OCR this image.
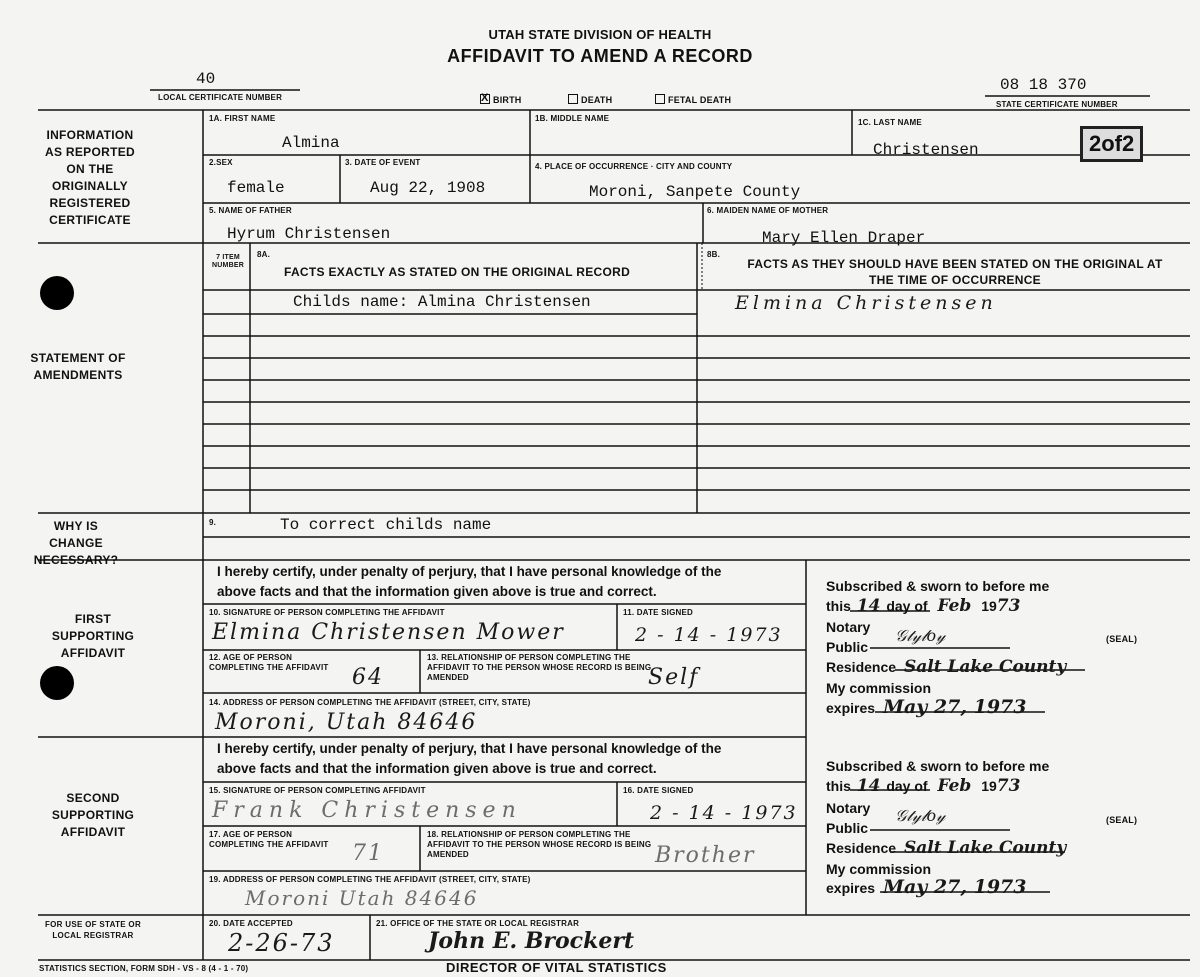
UTAH STATE DIVISION OF HEALTH
AFFIDAVIT TO AMEND A RECORD
40
LOCAL CERTIFICATE NUMBER
X	BIRTH	DEATH	FETAL DEATH
08 18 370
STATE CERTIFICATE NUMBER
2of2
INFORMATION AS REPORTED ON THE ORIGINALLY REGISTERED CERTIFICATE
STATEMENT OF AMENDMENTS
WHY IS CHANGE NECESSARY?
FIRST SUPPORTING AFFIDAVIT
SECOND SUPPORTING AFFIDAVIT
FOR USE OF STATE OR LOCAL REGISTRAR
1A. FIRST NAME
Almina
1B. MIDDLE NAME	1C. LAST NAME
Christensen
2.SEX
female
3. DATE OF EVENT
Aug 22, 1908
4. PLACE OF OCCURRENCE · CITY AND COUNTY
Moroni, Sanpete County
5. NAME OF FATHER
Hyrum Christensen
6. MAIDEN NAME OF MOTHER
Mary Ellen Draper
7 ITEM NUMBER
8A.
FACTS EXACTLY AS STATED ON THE ORIGINAL RECORD
8B.
FACTS AS THEY SHOULD HAVE BEEN STATED ON THE ORIGINAL AT THE TIME OF OCCURRENCE
Childs name: Almina Christensen	Elmina Christensen
9.	To correct childs name
I hereby certify, under penalty of perjury, that I have personal knowledge of the above facts and that the information given above is true and correct.
10. SIGNATURE OF PERSON COMPLETING THE AFFIDAVIT
Elmina Christensen Mower
11. DATE SIGNED
2 - 14 - 1973
12. AGE OF PERSON COMPLETING THE AFFIDAVIT	64
13. RELATIONSHIP OF PERSON COMPLETING THE AFFIDAVIT TO THE PERSON WHOSE RECORD IS BEING AMENDED	Self
14. ADDRESS OF PERSON COMPLETING THE AFFIDAVIT (STREET, CITY, STATE)
Moroni, Utah 84646
Subscribed & sworn to before me
this 14 day of Feb 1973
Notary Public	(SEAL)
𝒢𝓉𝓎𝓁𝑜𝓎
Residence Salt Lake County
My commission
expires May 27, 1973
I hereby certify, under penalty of perjury, that I have personal knowledge of the above facts and that the information given above is true and correct.
15. SIGNATURE OF PERSON COMPLETING AFFIDAVIT
Frank Christensen
16. DATE SIGNED
2 - 14 - 1973
17. AGE OF PERSON COMPLETING THE AFFIDAVIT	71
18. RELATIONSHIP OF PERSON COMPLETING THE AFFIDAVIT TO THE PERSON WHOSE RECORD IS BEING AMENDED	Brother
19. ADDRESS OF PERSON COMPLETING THE AFFIDAVIT (STREET, CITY, STATE)
Moroni Utah 84646
Subscribed & sworn to before me
this 14 day of Feb 1973
Notary Public	(SEAL)
𝒢𝓉𝓎𝓁𝑜𝓎
Residence Salt Lake County
My commission
expires May 27, 1973
20. DATE ACCEPTED
2-26-73
21. OFFICE OF THE STATE OR LOCAL REGISTRAR
John E. Brockert
DIRECTOR OF VITAL STATISTICS
STATISTICS SECTION, FORM SDH - VS - 8 (4 - 1 - 70)
